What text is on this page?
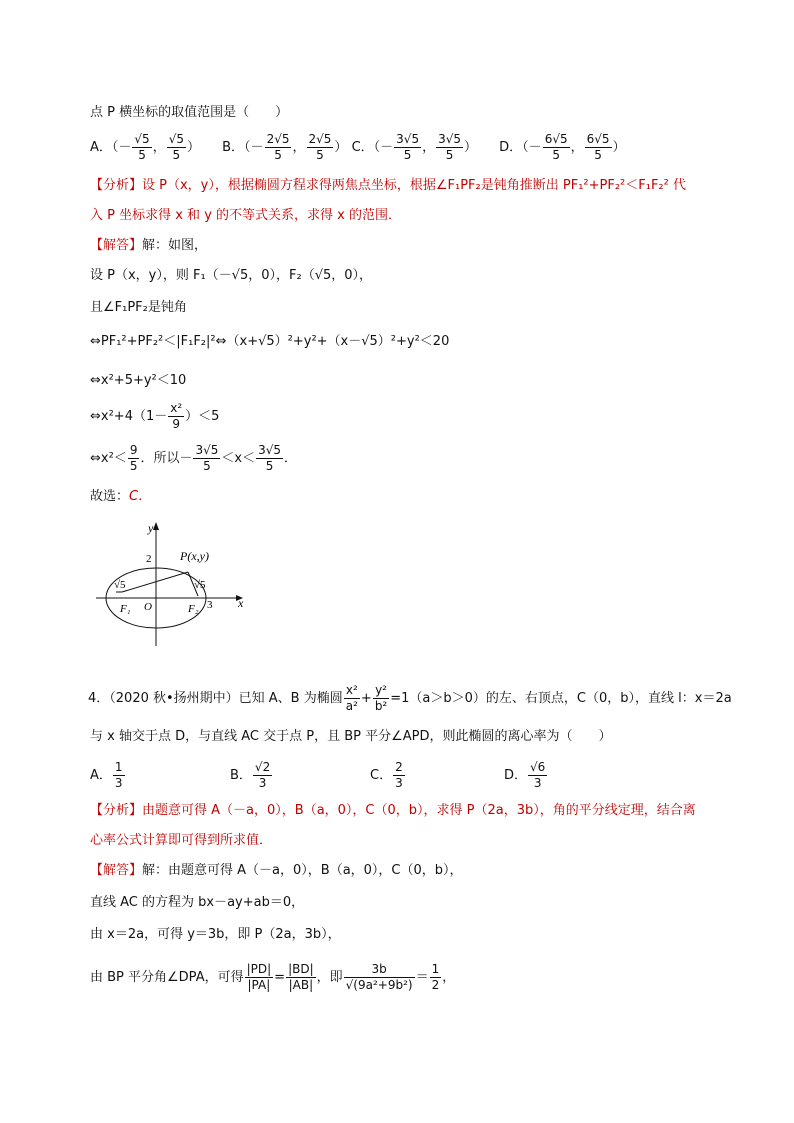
点 P 横坐标的取值范围是（　　）
A．（－ $\frac{√5}{5}$ ， $\frac{√5}{5}$ ） B．（－ $\frac{2√5}{5}$ ， $\frac{2√5}{5}$ ） C．（－ $\frac{3√5}{5}$ ， $\frac{3√5}{5}$ ） D．（－ $\frac{6√5}{5}$ ， $\frac{6√5}{5}$ ）
【分析】设 P（x，y），根据椭圆方程求得两焦点坐标，根据∠F₁PF₂是钝角推断出 PF₁²+PF₂²＜F₁F₂² 代
入 P 坐标求得 x 和 y 的不等式关系，求得 x 的范围．
【解答】解：如图，
设 P（x，y），则 F₁（－√5，0），F₂（√5，0），
且∠F₁PF₂是钝角
⇔PF₁²+PF₂²＜|F₁F₂|²⇔（x+√5）²+y²+（x－√5）²+y²＜20
⇔x²+5+y²＜10
⇔x²+4（1－ $\frac{\text{x²}}{9} )<5$
⇔x²＜ $\frac{9}{5}$ ．所以－ $\frac{3√5}{5} <x< \frac{3√5}{5}$ ．
故选：C．
y
x
2
3
P(x,y)
√5	√5
F₁ O	F₂
4．（2020 秋•扬州期中）已知 A、B 为椭圆 $\frac{\text{x²}}{\text{a²}} + \frac{\text{y²}}{\text{b²}} =1(a>b>0)$的左、右顶点，C（0，b），直线 l：x＝2a
与 x 轴交于点 D，与直线 AC 交于点 P，且 BP 平分∠APD，则此椭圆的离心率为（　　）
A． $\frac{1}{3}$	B． $\frac{√2}{3}$	C． $\frac{2}{3}$	D． $\frac{√6}{3}$
【分析】由题意可得 A（－a，0），B（a，0），C（0，b），求得 P（2a，3b），角的平分线定理，结合离
心率公式计算即可得到所求值．
【解答】解：由题意可得 A（－a，0），B（a，0），C（0，b），
直线 AC 的方程为 bx－ay+ab＝0，
由 x＝2a，可得 y＝3b，即 P（2a，3b），
由 BP 平分角∠DPA，可得 $\frac{|PD|}{|PA|} = \frac{|BD|}{|AB|}$ ，即 $\frac{3b}{\text{√(9a²+9b²)}} = \frac{1}{2}$ ，
